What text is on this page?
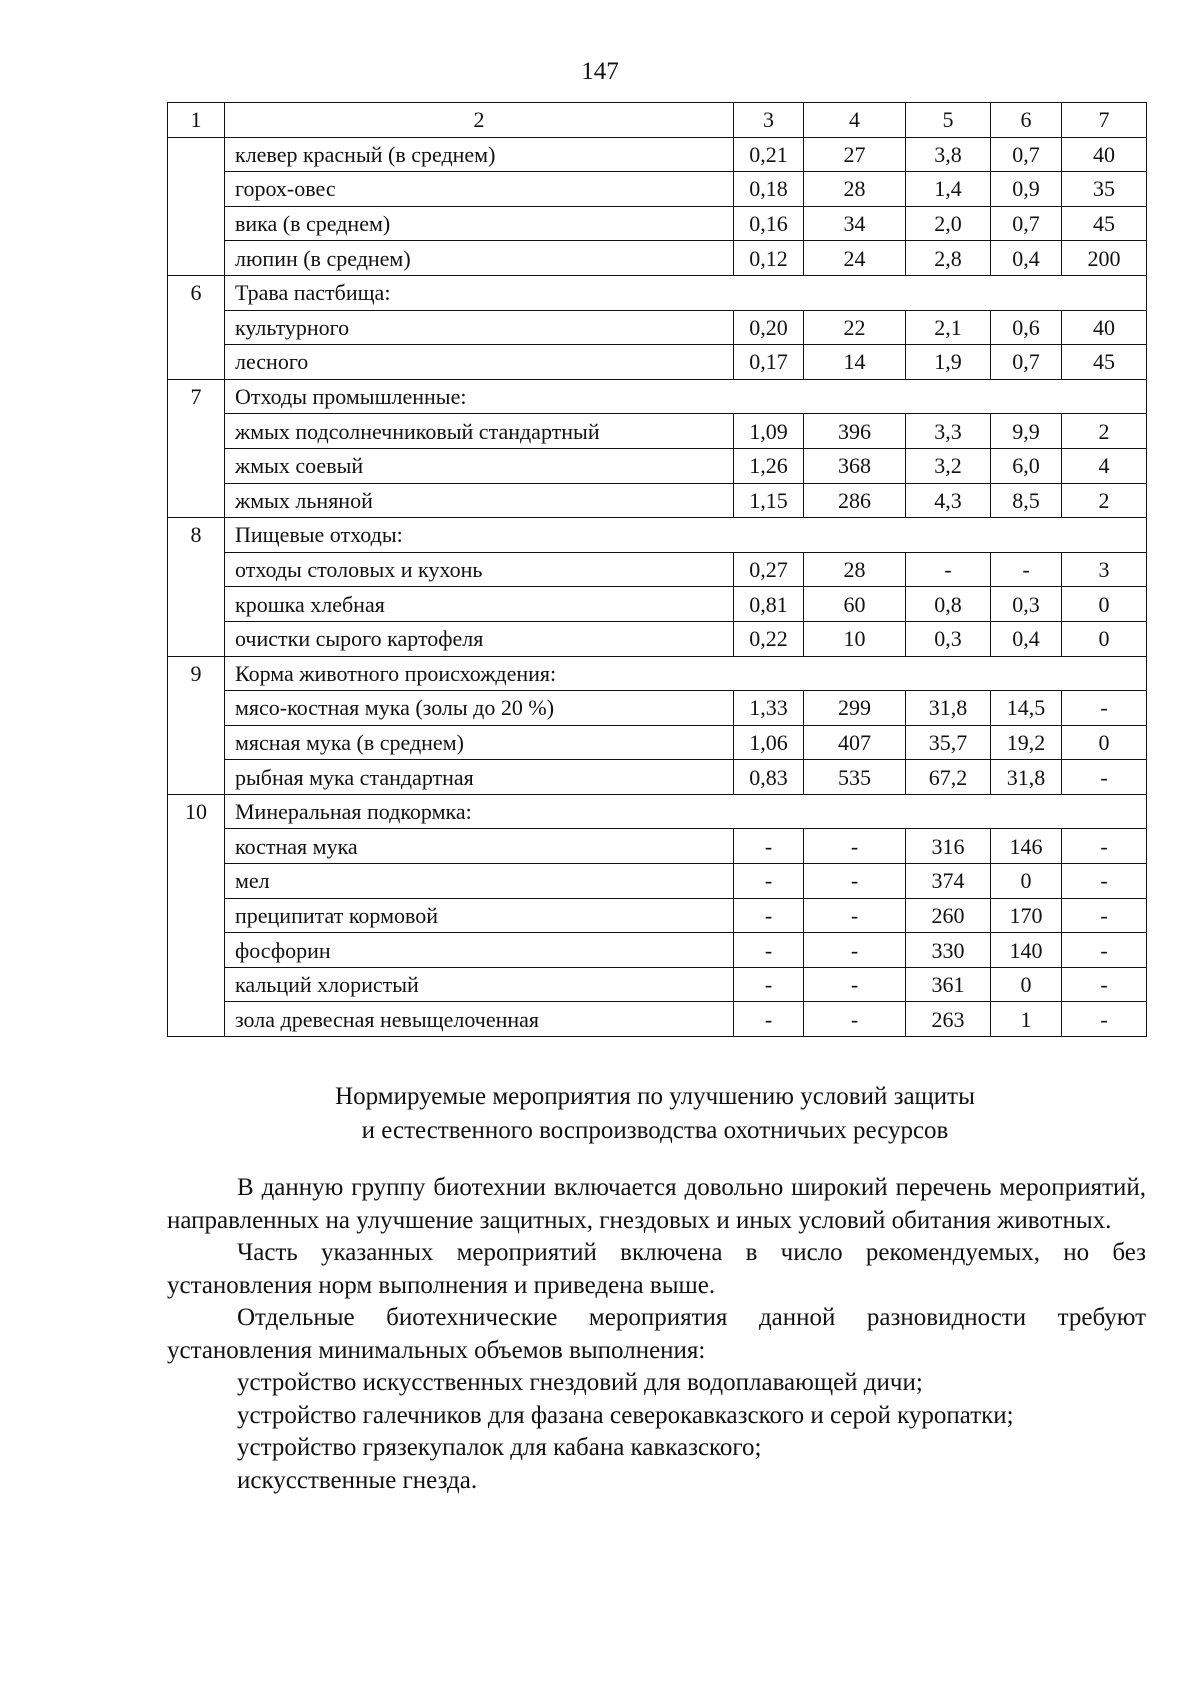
147
1	2	3	4	5	6	7
	клевер красный (в среднем)	0,21	27	3,8	0,7	40
	горох-овес	0,18	28	1,4	0,9	35
	вика (в среднем)	0,16	34	2,0	0,7	45
	люпин (в среднем)	0,12	24	2,8	0,4	200
6	Трава пастбища:					
	культурного	0,20	22	2,1	0,6	40
	лесного	0,17	14	1,9	0,7	45
7	Отходы промышленные:					
	жмых подсолнечниковый стандартный	1,09	396	3,3	9,9	2
	жмых соевый	1,26	368	3,2	6,0	4
	жмых льняной	1,15	286	4,3	8,5	2
8	Пищевые отходы:					
	отходы столовых и кухонь	0,27	28	-	-	3
	крошка хлебная	0,81	60	0,8	0,3	0
	очистки сырого картофеля	0,22	10	0,3	0,4	0
9	Корма животного происхождения:					
	мясо-костная мука (золы до 20 %)	1,33	299	31,8	14,5	-
	мясная мука (в среднем)	1,06	407	35,7	19,2	0
	рыбная мука стандартная	0,83	535	67,2	31,8	-
10	Минеральная подкормка:					
	костная мука	-	-	316	146	-
	мел	-	-	374	0	-
	преципитат кормовой	-	-	260	170	-
	фосфорин	-	-	330	140	-
	кальций хлористый	-	-	361	0	-
	зола древесная невыщелоченная	-	-	263	1	-
Нормируемые мероприятия по улучшению условий защиты
и естественного воспроизводства охотничьих ресурсов

В данную группу биотехнии включается довольно широкий перечень мероприятий, направленных на улучшение защитных, гнездовых и иных условий обитания животных.

Часть указанных мероприятий включена в число рекомендуемых, но без установления норм выполнения и приведена выше.

Отдельные биотехнические мероприятия данной разновидности требуют установления минимальных объемов выполнения:

устройство искусственных гнездовий для водоплавающей дичи;

устройство галечников для фазана северокавказского и серой куропатки;

устройство грязекупалок для кабана кавказского;

искусственные гнезда.
